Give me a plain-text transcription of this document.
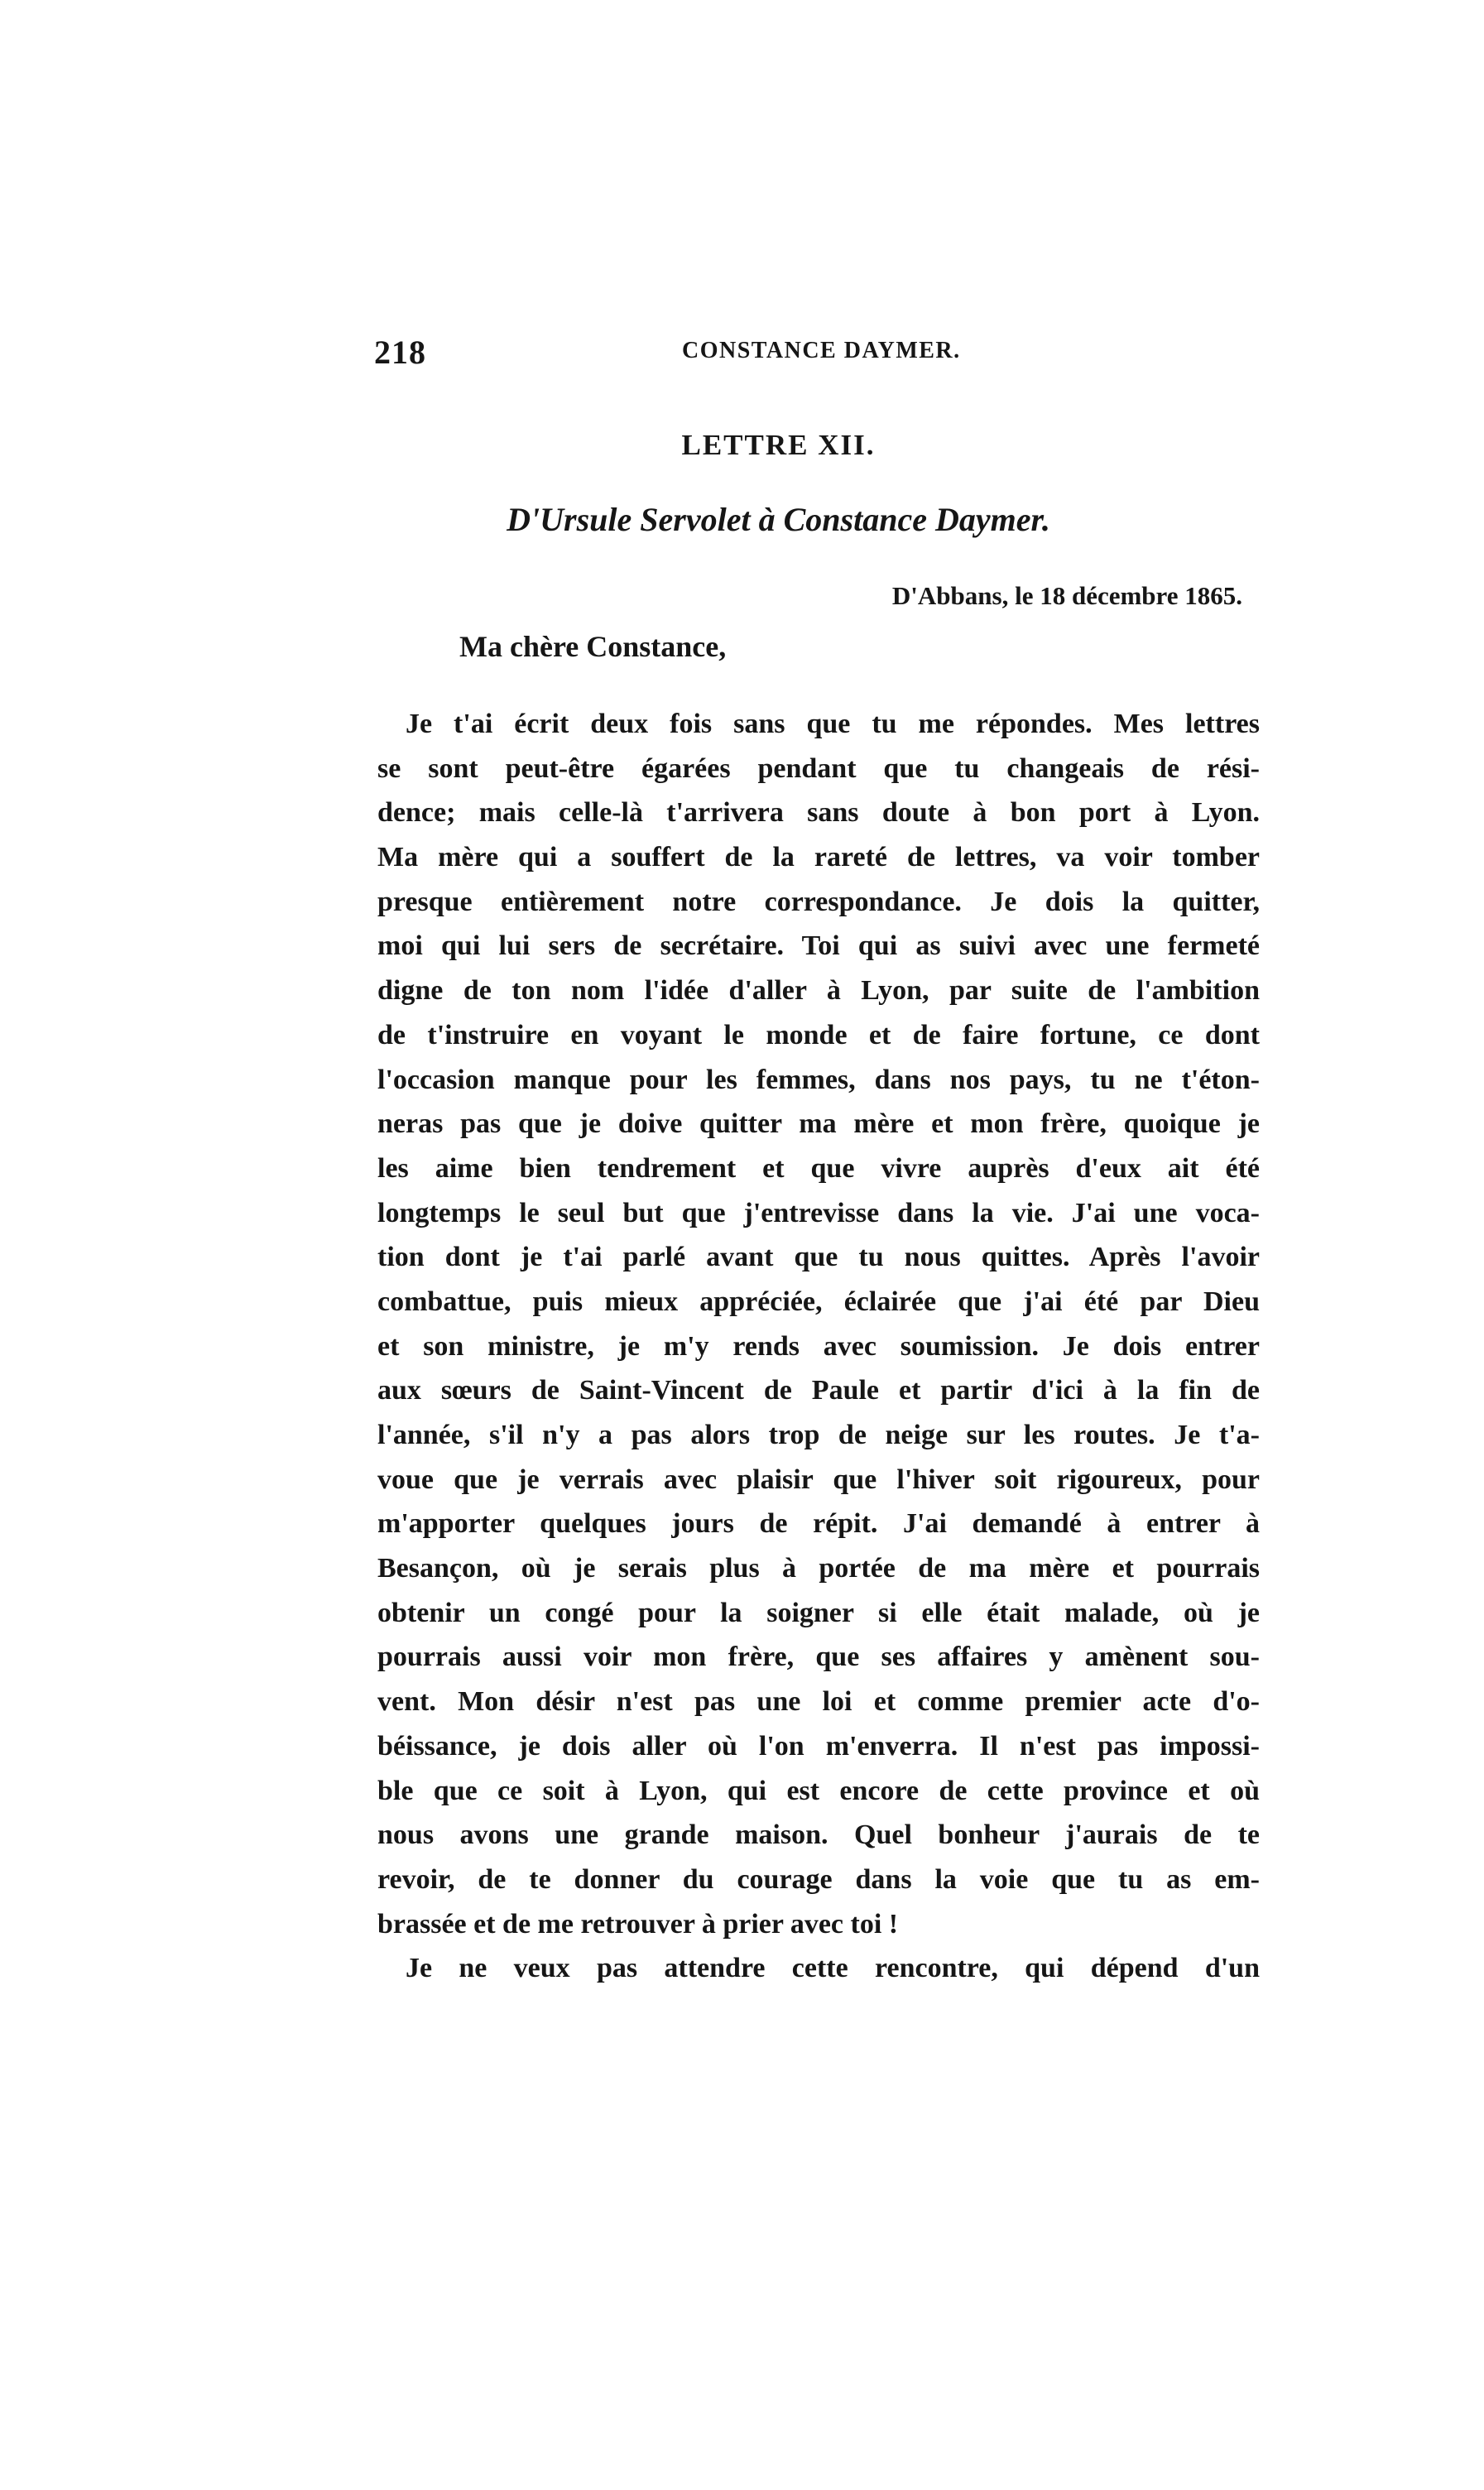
218	CONSTANCE DAYMER.
LETTRE XII.
D'Ursule Servolet à Constance Daymer.
D'Abbans, le 18 décembre 1865.
Ma chère Constance,
Je t'ai écrit deux fois sans que tu me répondes. Mes lettres
se sont peut-être égarées pendant que tu changeais de rési-
dence; mais celle-là t'arrivera sans doute à bon port à Lyon.
Ma mère qui a souffert de la rareté de lettres, va voir tomber
presque entièrement notre correspondance. Je dois la quitter,
moi qui lui sers de secrétaire. Toi qui as suivi avec une fermeté
digne de ton nom l'idée d'aller à Lyon, par suite de l'ambition
de t'instruire en voyant le monde et de faire fortune, ce dont
l'occasion manque pour les femmes, dans nos pays, tu ne t'éton-
neras pas que je doive quitter ma mère et mon frère, quoique je
les aime bien tendrement et que vivre auprès d'eux ait été
longtemps le seul but que j'entrevisse dans la vie. J'ai une voca-
tion dont je t'ai parlé avant que tu nous quittes. Après l'avoir
combattue, puis mieux appréciée, éclairée que j'ai été par Dieu
et son ministre, je m'y rends avec soumission. Je dois entrer
aux sœurs de Saint-Vincent de Paule et partir d'ici à la fin de
l'année, s'il n'y a pas alors trop de neige sur les routes. Je t'a-
voue que je verrais avec plaisir que l'hiver soit rigoureux, pour
m'apporter quelques jours de répit. J'ai demandé à entrer à
Besançon, où je serais plus à portée de ma mère et pourrais
obtenir un congé pour la soigner si elle était malade, où je
pourrais aussi voir mon frère, que ses affaires y amènent sou-
vent. Mon désir n'est pas une loi et comme premier acte d'o-
béissance, je dois aller où l'on m'enverra. Il n'est pas impossi-
ble que ce soit à Lyon, qui est encore de cette province et où
nous avons une grande maison. Quel bonheur j'aurais de te
revoir, de te donner du courage dans la voie que tu as em-
brassée et de me retrouver à prier avec toi !
Je ne veux pas attendre cette rencontre, qui dépend d'un
